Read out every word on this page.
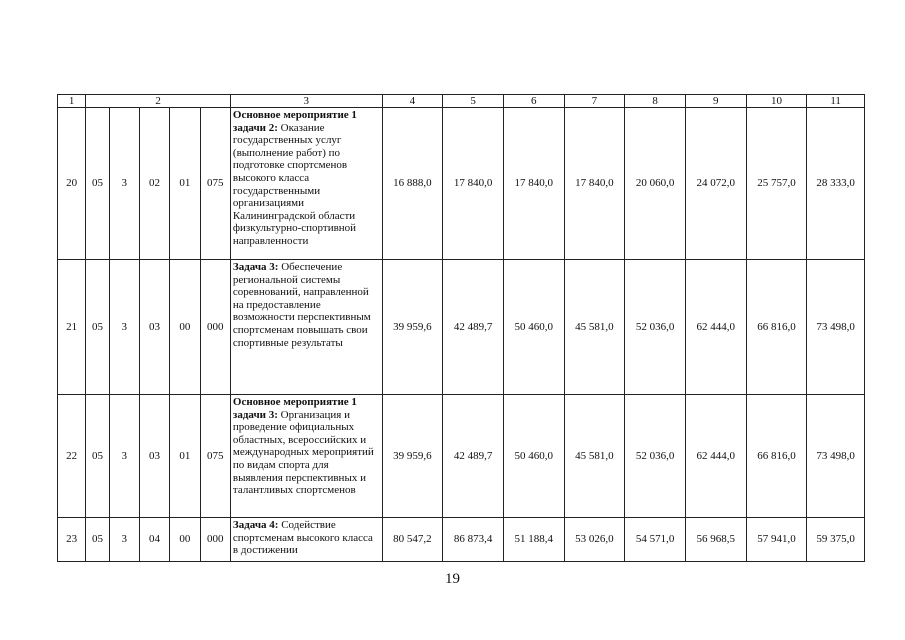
1	2					3	4	5	6	7	8	9	10	11
20	05	3	02	01	075	Основное мероприятие 1 задачи 2: Оказание государственных услуг (выполнение работ) по подготовке спортсменов высокого класса государственными организациями Калининградской области физкультурно-спортивной направленности	16 888,0	17 840,0	17 840,0	17 840,0	20 060,0	24 072,0	25 757,0	28 333,0
21	05	3	03	00	000	Задача 3: Обеспечение региональной системы соревнований, направленной на предоставление возможности перспективным спортсменам повышать свои спортивные результаты	39 959,6	42 489,7	50 460,0	45 581,0	52 036,0	62 444,0	66 816,0	73 498,0
22	05	3	03	01	075	Основное мероприятие 1 задачи 3: Организация и проведение официальных областных, всероссийских и международных мероприятий по видам спорта для выявления перспективных и талантливых спортсменов	39 959,6	42 489,7	50 460,0	45 581,0	52 036,0	62 444,0	66 816,0	73 498,0
23	05	3	04	00	000	Задача 4: Содействие спортсменам высокого класса в достижении	80 547,2	86 873,4	51 188,4	53 026,0	54 571,0	56 968,5	57 941,0	59 375,0
19
